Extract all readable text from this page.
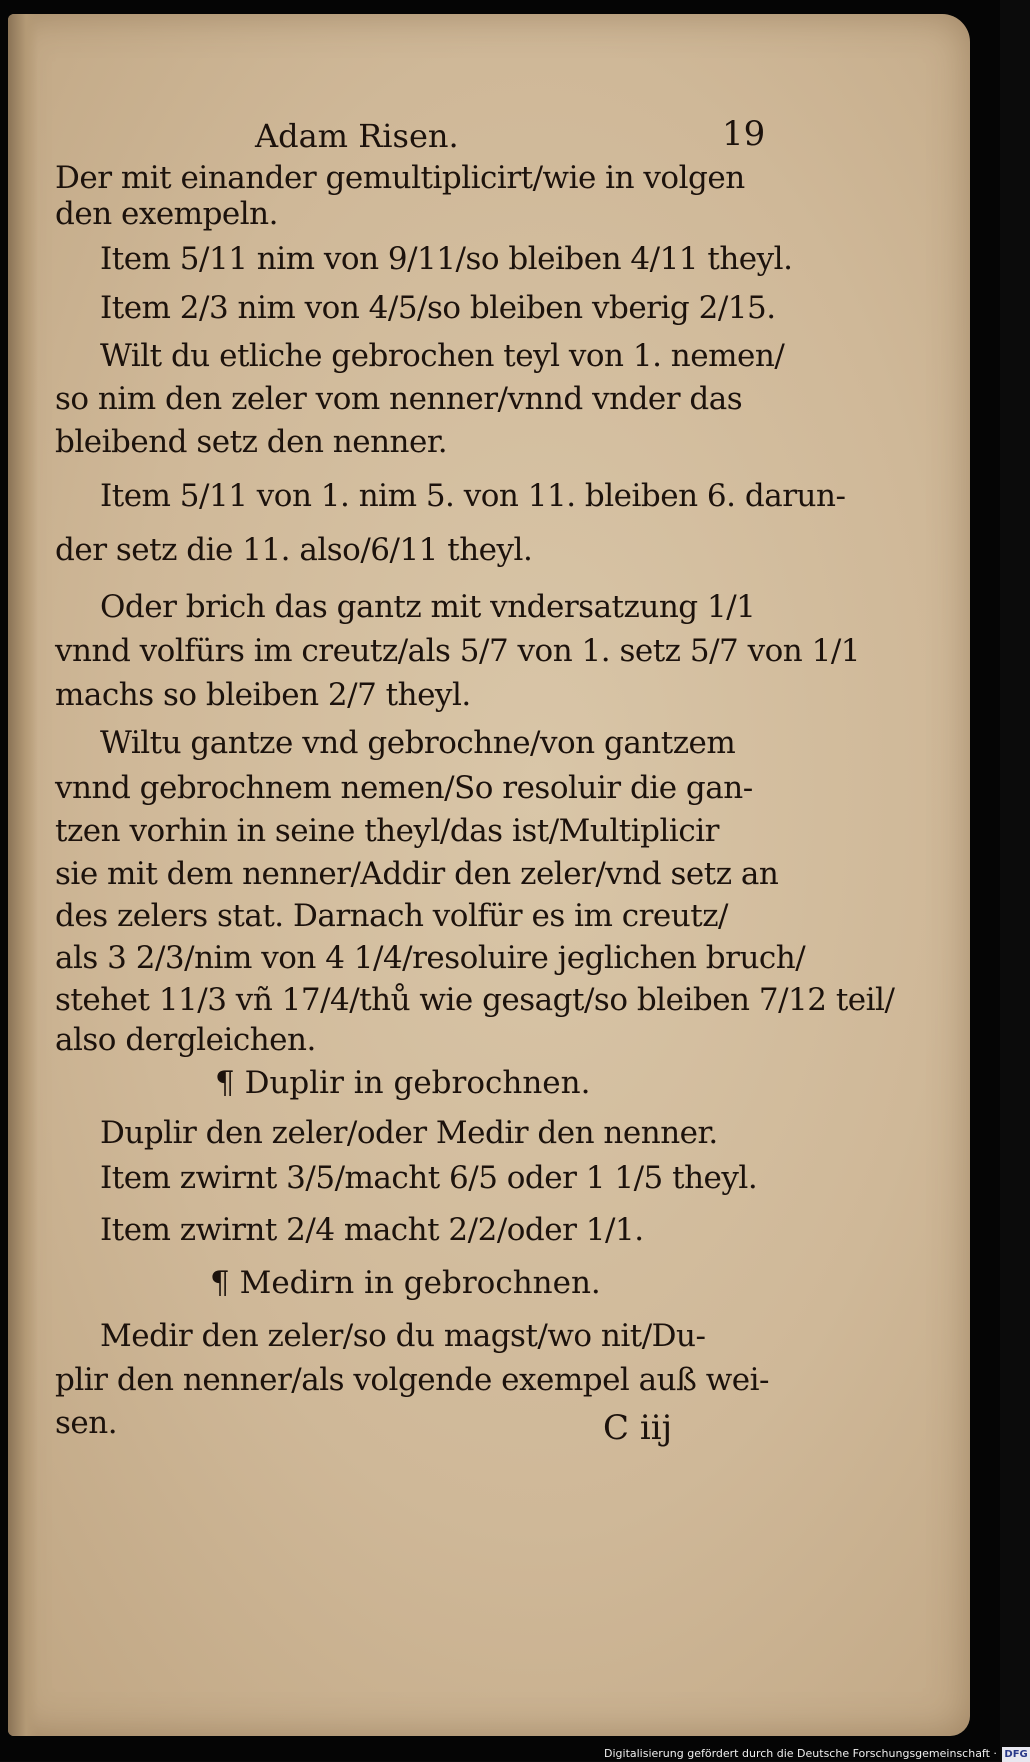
Adam Risen.	19
Der mit einander gemultiplicirt/wie in volgen
den exempeln.
Item 5/11 nim von 9/11/so bleiben 4/11 theyl.
Item 2/3 nim von 4/5/so bleiben vberig 2/15.
Wilt du etliche gebrochen teyl von 1. nemen/
so nim den zeler vom nenner/vnnd vnder das
bleibend setz den nenner.
Item 5/11 von 1. nim 5. von 11. bleiben 6. darun-
der setz die 11. also/6/11 theyl.
Oder brich das gantz mit vndersatzung 1/1
vnnd volfürs im creutz/als 5/7 von 1. setz 5/7 von 1/1
machs so bleiben 2/7 theyl.
Wiltu gantze vnd gebrochne/von gantzem
vnnd gebrochnem nemen/So resoluir die gan-
tzen vorhin in seine theyl/das ist/Multiplicir
sie mit dem nenner/Addir den zeler/vnd setz an
des zelers stat. Darnach volfür es im creutz/
als 3 2/3/nim von 4 1/4/resoluire jeglichen bruch/
stehet 11/3 vñ 17/4/thů wie gesagt/so bleiben 7/12 teil/
also dergleichen.
¶ Duplir in gebrochnen.
Duplir den zeler/oder Medir den nenner.
Item zwirnt 3/5/macht 6/5 oder 1 1/5 theyl.
Item zwirnt 2/4 macht 2/2/oder 1/1.
¶ Medirn in gebrochnen.
Medir den zeler/so du magst/wo nit/Du-
plir den nenner/als volgende exempel auß wei-
sen.	C iij
Digitalisierung gefördert durch die Deutsche Forschungsgemeinschaft · DFG
